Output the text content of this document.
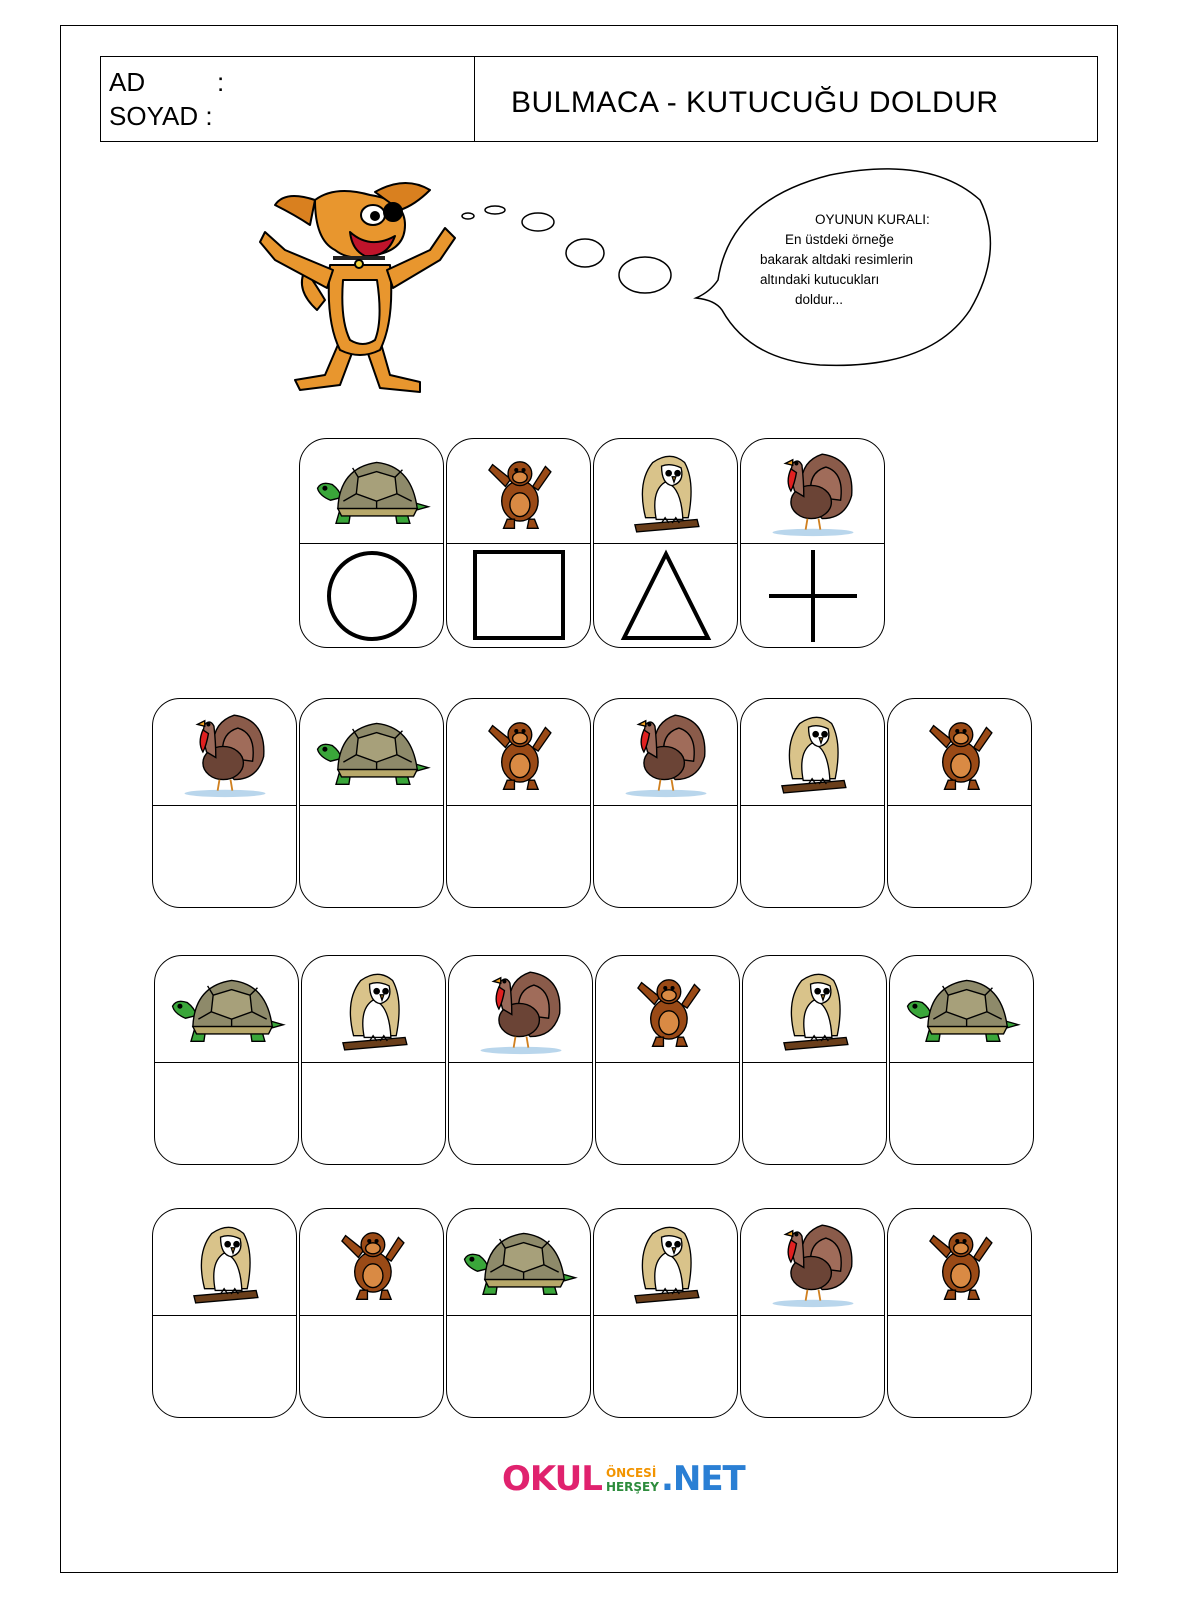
AD	:
SOYAD :	BULMACA - KUTUCUĞU DOLDUR
OYUNUN KURALI:
En üstdeki örneğe
bakarak altdaki resimlerin
altındaki kutucukları
doldur...
OKUL ÖNCESİ
HERŞEY .NET
